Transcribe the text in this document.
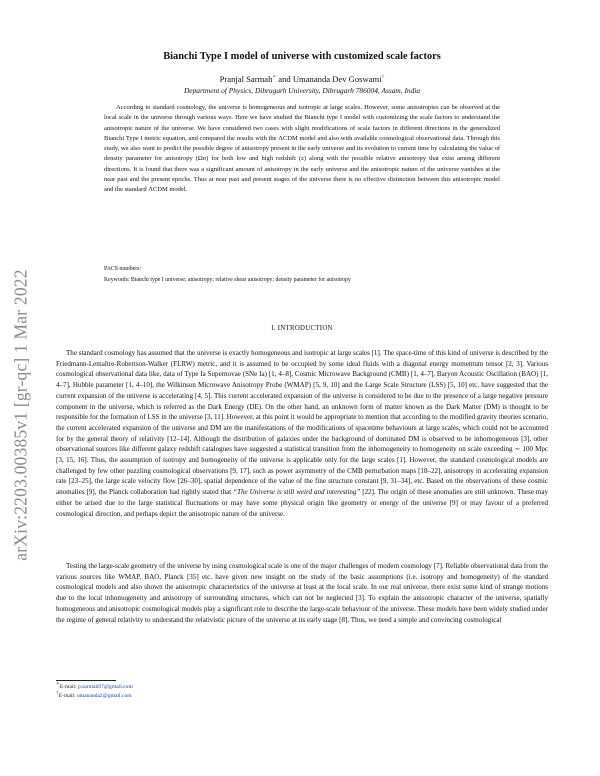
arXiv:2203.00385v1 [gr-qc] 1 Mar 2022
Bianchi Type I model of universe with customized scale factors
Pranjal Sarmah∗ and Umananda Dev Goswami†
Department of Physics, Dibrugarh University, Dibrugarh 786004, Assam, India

According to standard cosmology, the universe is homogeneous and isotropic at large scales. However, some anisotropies can be observed at the local scale in the universe through various ways. Here we have studied the Bianchi type I model with customizing the scale factors to understand the anisotropic nature of the universe. We have considered two cases with slight modifications of scale factors in different directions in the generalized Bianchi Type I metric equation, and compared the results with the ΛCDM model and also with available cosmological observational data. Through this study, we also want to predict the possible degree of anisotropy present in the early universe and its evolution to current time by calculating the value of density parameter for anisotropy (Ωσ) for both low and high redshift (z) along with the possible relative anisotropy that exist among different directions. It is found that there was a significant amount of anisotropy in the early universe and the anisotropic nature of the universe vanishes at the near past and the present epochs. Thus at near past and present stages of the universe there is no effective distinction between this anisotropic model and the standard ΛCDM model.

PACS numbers:
Keywords: Bianchi type I universe; anisotropy; relative shear anisotropy; density parameter for anisotropy
I. INTRODUCTION

The standard cosmology has assumed that the universe is exactly homogeneous and isotropic at large scales [1]. The space-time of this kind of universe is described by the Friedmann-Lemaître-Robertson-Walker (FLRW) metric, and it is assumed to be occupied by some ideal fluids with a diagonal energy momentum tensor [2, 3]. Various cosmological observational data like, data of Type Ia Supernovae (SNe Ia) [1, 4–8], Cosmic Microwave Background (CMB) [1, 4–7], Baryon Acoustic Oscillation (BAO) [1, 4–7], Hubble parameter [1, 4–10], the Wilkinson Microwave Anisotropy Probe (WMAP) [5, 9, 10] and the Large Scale Structure (LSS) [5, 10] etc. have suggested that the current expansion of the universe is accelerating [4, 5]. This current accelerated expansion of the universe is considered to be due to the presence of a large negative pressure component in the universe, which is referred as the Dark Energy (DE). On the other hand, an unknown form of matter known as the Dark Matter (DM) is thought to be responsible for the formation of LSS in the universe [3, 11]. However, at this point it would be appropriate to mention that according to the modified gravity theories scenario, the current accelerated expansion of the universe and DM are the manifestations of the modifications of spacetime behaviours at large scales, which could not be accounted for by the general theory of relativity [12–14]. Although the distribution of galaxies under the background of dominated DM is observed to be inhomogeneous [3], other observational sources like different galaxy redshift catalogues have suggested a statistical transition from the inhomogeneity to homogeneity on scale exceeding ∼ 100 Mpc [3, 15, 16]. Thus, the assumption of isotropy and homogeneity of the universe is applicable only for the large scales [1]. However, the standard cosmological models are challenged by few other puzzling cosmological observations [9, 17], such as power asymmetry of the CMB perturbation maps [18–22], anisotropy in accelerating expansion rate [23–25], the large scale velocity flow [26–30], spatial dependence of the value of the fine structure constant [9, 31–34], etc. Based on the observations of these cosmic anomalies [9], the Planck collaboration had rightly stated that “The Universe is still weird and interesting” [22]. The origin of these anomalies are still unknown. These may either be arised due to the large statistical fluctuations or may have some physical origin like geometry or energy of the universe [9] or may favour of a preferred cosmological direction, and perhaps depict the anisotropic nature of the universe.

Testing the large-scale geometry of the universe by using cosmological scale is one of the major challenges of modern cosmology [7]. Reliable observational data from the various sources like WMAP, BAO, Planck [35] etc. have given new insight on the study of the basic assumptions (i.e. isotropy and homogeneity) of the standard cosmological models and also shown the anisotropic characteristics of the universe at least at the local scale. In our real universe, there exist some kind of strange motions due to the local inhomogeneity and anisotropy of surrounding structures, which can not be neglected [3]. To explain the anisotropic character of the universe, spatially homogeneous and anisotropic cosmological models play a significant role to describe the large-scale behaviour of the universe. These models have been widely studied under the regime of general relativity to understand the relativistic picture of the universe at its early stage [8]. Thus, we need a simple and convincing cosmological

∗E-mail: p.sarmah97@gmail.com
†E-mail: umananda2@gmail.com
